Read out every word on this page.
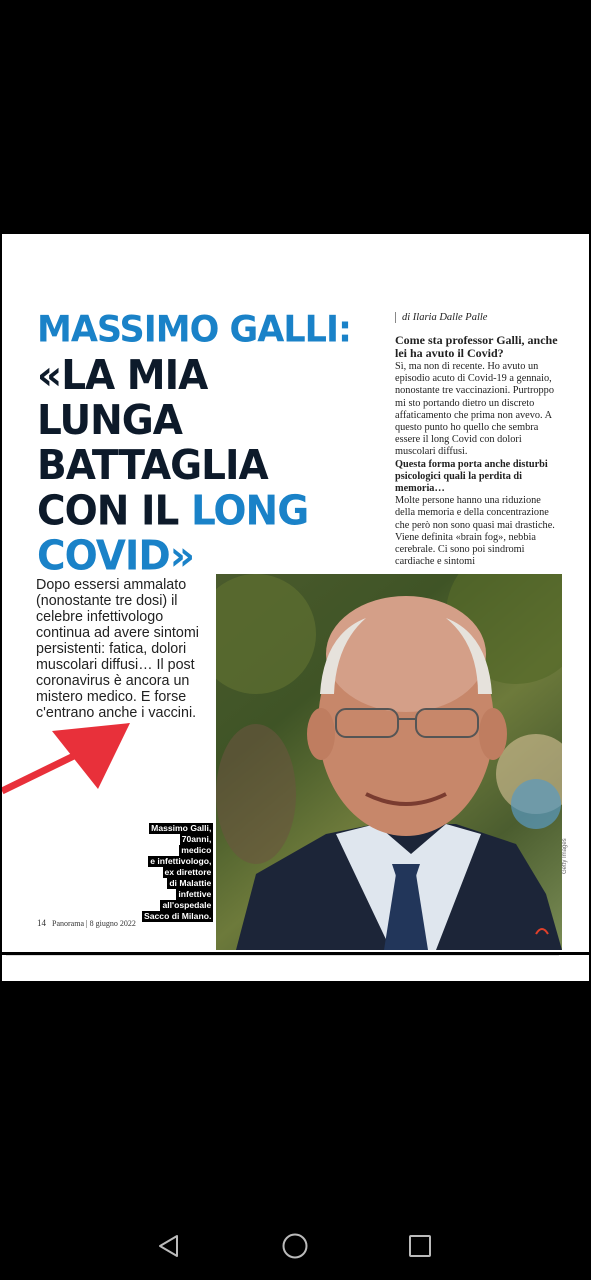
MASSIMO GALLI:
«LA MIA
LUNGA
BATTAGLIA
CON IL LONG
COVID»

Dopo essersi ammalato (nonostante tre dosi) il celebre infettivologo continua ad avere sintomi persistenti: fatica, dolori muscolari diffusi… Il post coronavirus è ancora un mistero medico. E forse c'entrano anche i vaccini.

di Ilaria Dalle Palle

Come sta professor Galli, anche lei ha avuto il Covid?

Sì, ma non di recente. Ho avuto un episodio acuto di Covid-19 a gennaio, nonostante tre vaccinazioni. Purtroppo mi sto portando dietro un discreto affaticamento che prima non avevo. A questo punto ho quello che sembra essere il long Covid con dolori muscolari diffusi.

Questa forma porta anche disturbi psicologici quali la perdita di memoria…

Molte persone hanno una riduzione della memoria e della concentrazione che però non sono quasi mai drastiche. Viene definita «brain fog», nebbia cerebrale. Ci sono poi sindromi cardiache e sintomi

Massimo Galli,
70anni,
medico
e infettivologo,
ex direttore
di Malattie
infettive
all'ospedale
Sacco di Milano.
Getty Images
14 Panorama | 8 giugno 2022
